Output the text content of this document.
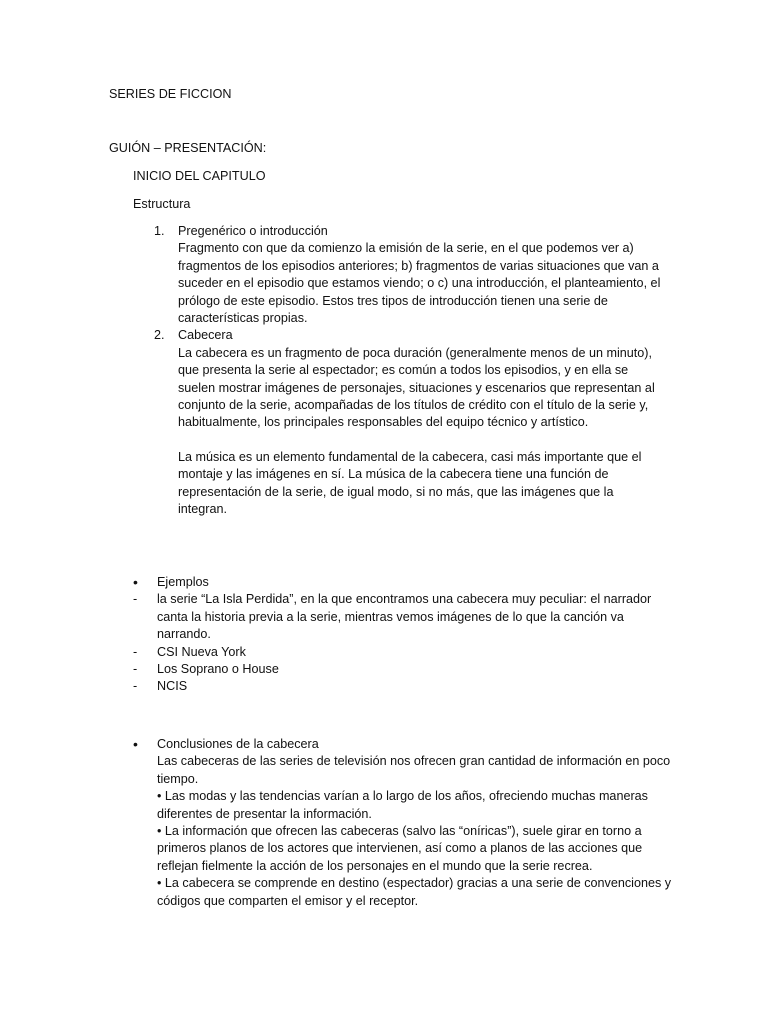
SERIES DE FICCION
GUIÓN – PRESENTACIÓN:
INICIO DEL CAPITULO
Estructura
1. Pregenérico o introducción

Fragmento con que da comienzo la emisión de la serie, en el que podemos ver a) fragmentos de los episodios anteriores; b) fragmentos de varias situaciones que van a suceder en el episodio que estamos viendo; o c) una introducción, el planteamiento, el prólogo de este episodio. Estos tres tipos de introducción tienen una serie de características propias.

2. Cabecera

La cabecera es un fragmento de poca duración (generalmente menos de un minuto), que presenta la serie al espectador; es común a todos los episodios, y en ella se suelen mostrar imágenes de personajes, situaciones y escenarios que representan al conjunto de la serie, acompañadas de los títulos de crédito con el título de la serie y, habitualmente, los principales responsables del equipo técnico y artístico.

La música es un elemento fundamental de la cabecera, casi más importante que el montaje y las imágenes en sí. La música de la cabecera tiene una función de representación de la serie, de igual modo, si no más, que las imágenes que la integran.

• Ejemplos
- la serie “La Isla Perdida”, en la que encontramos una cabecera muy peculiar: el narrador canta la historia previa a la serie, mientras vemos imágenes de lo que la canción va narrando.
- CSI Nueva York
- Los Soprano o House
- NCIS
• Conclusiones de la cabecera

Las cabeceras de las series de televisión nos ofrecen gran cantidad de información en poco tiempo.

• Las modas y las tendencias varían a lo largo de los años, ofreciendo muchas maneras diferentes de presentar la información.

• La información que ofrecen las cabeceras (salvo las “oníricas”), suele girar en torno a primeros planos de los actores que intervienen, así como a planos de las acciones que reflejan fielmente la acción de los personajes en el mundo que la serie recrea.

• La cabecera se comprende en destino (espectador) gracias a una serie de convenciones y códigos que comparten el emisor y el receptor.
